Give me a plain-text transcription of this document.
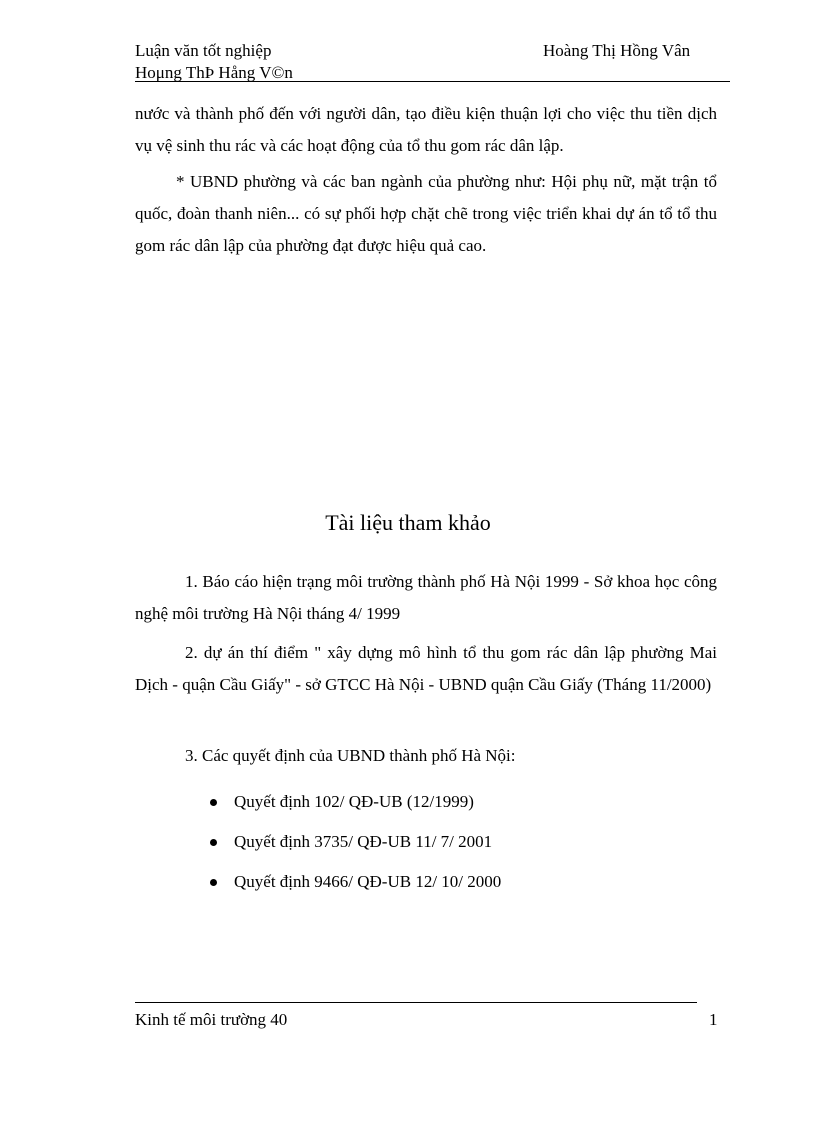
Luận văn tốt nghiệp	Hoàng Thị Hồng Vân
Hoμng ThÞ Hång V©n
nước và thành phố đến với người dân, tạo điều kiện thuận lợi cho việc thu tiền dịch vụ vệ sinh thu rác và các hoạt động của tổ thu gom rác dân lập.
* UBND phường và các ban ngành của phường như: Hội phụ nữ, mặt trận tổ quốc, đoàn thanh niên... có sự phối hợp chặt chẽ trong việc triển khai dự án tổ tổ thu gom rác dân lập của phường đạt được hiệu quả cao.
Tài liệu tham khảo
1. Báo cáo hiện trạng môi trường thành phố Hà Nội 1999 - Sở khoa học công nghệ môi trường Hà Nội tháng 4/ 1999
2. dự án thí điểm " xây dựng mô hình tổ thu gom rác dân lập phường Mai Dịch - quận Cầu Giấy" - sở GTCC Hà Nội - UBND quận Cầu Giấy (Tháng 11/2000)
3. Các quyết định của UBND thành phố Hà Nội:
Quyết định 102/ QĐ-UB (12/1999)
Quyết định 3735/ QĐ-UB 11/ 7/ 2001
Quyết định 9466/ QĐ-UB 12/ 10/ 2000
Kinh tế môi trường 40	1
